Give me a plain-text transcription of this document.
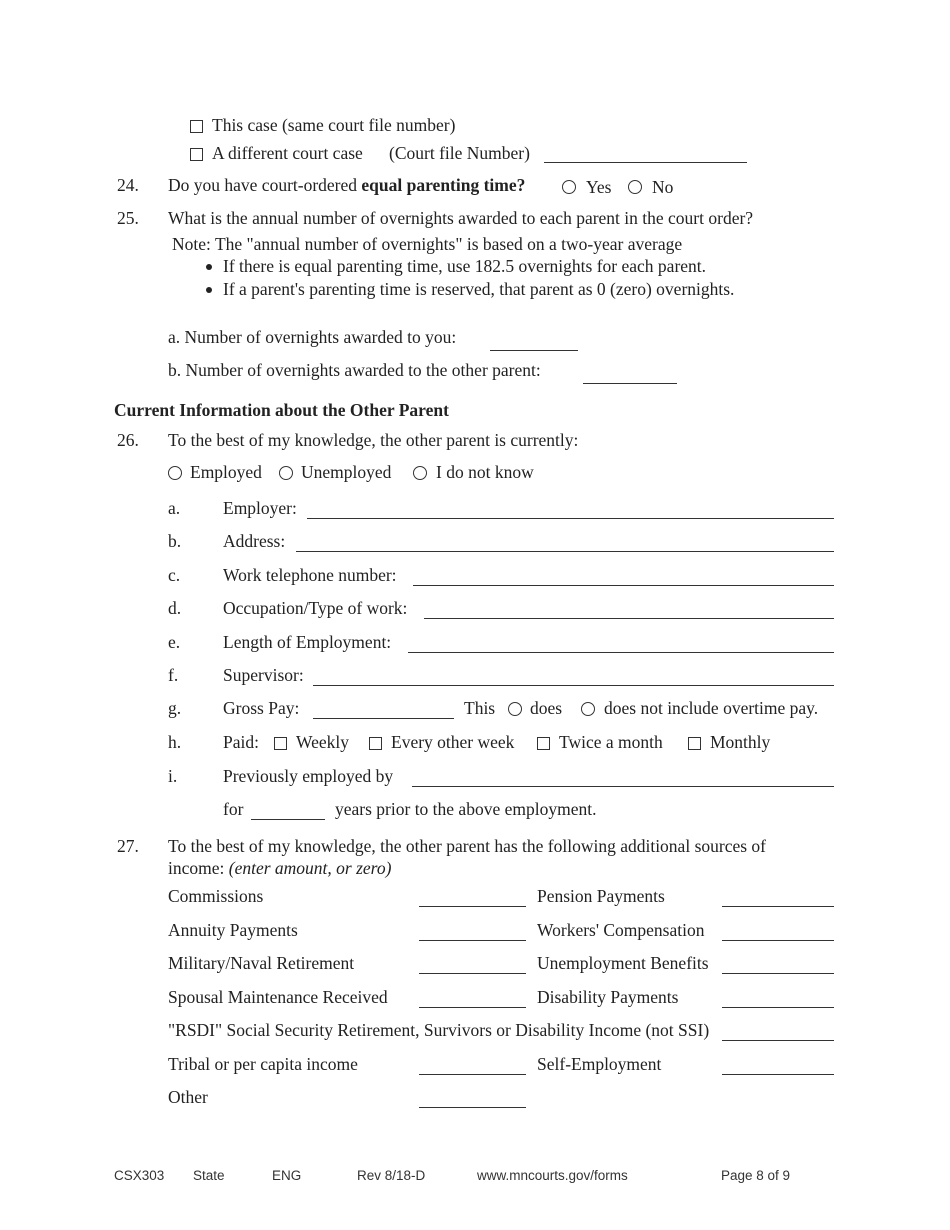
This case (same court file number)
A different court case (Court file Number)
24. Do you have court-ordered equal parenting time?	Yes No
25. What is the annual number of overnights awarded to each parent in the court order?
Note: The "annual number of overnights" is based on a two-year average
If there is equal parenting time, use 182.5 overnights for each parent.
If a parent's parenting time is reserved, that parent as 0 (zero) overnights.
a. Number of overnights awarded to you:
b. Number of overnights awarded to the other parent:
Current Information about the Other Parent
26. To the best of my knowledge, the other parent is currently:
Employed Unemployed	I do not know
a. Employer:
b. Address:
c. Work telephone number:
d. Occupation/Type of work:
e. Length of Employment:
f.	Supervisor:
g. Gross Pay:	This does does not include overtime pay.
h. Paid: Weekly Every other week	Twice a month	Monthly
i.	Previously employed by
for	years prior to the above employment.
27. To the best of my knowledge, the other parent has the following additional sources of
income: (enter amount, or zero)
Commissions	Pension Payments
Annuity Payments	Workers' Compensation
Military/Naval Retirement	Unemployment Benefits
Spousal Maintenance Received	Disability Payments
"RSDI" Social Security Retirement, Survivors or Disability Income (not SSI)
Tribal or per capita income	Self-Employment
Other
CSX303 State	ENG	Rev 8/18-D	www.mncourts.gov/forms	Page 8 of 9
